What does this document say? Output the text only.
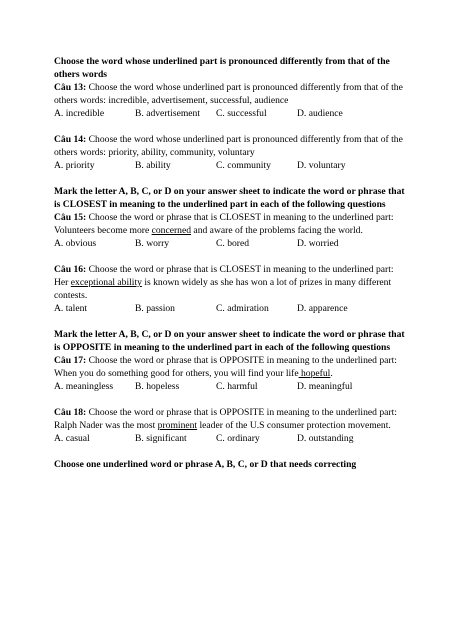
Choose the word whose underlined part is pronounced differently from that of the others words

Câu 13: Choose the word whose underlined part is pronounced differently from that of the others words: incredible, advertisement, successful, audience

A. incredible	B. advertisement	C. successful	D. audience

Câu 14: Choose the word whose underlined part is pronounced differently from that of the others words: priority, ability, community, voluntary

A. priority	B. ability	C. community	D. voluntary

Mark the letter A, B, C, or D on your answer sheet to indicate the word or phrase that is CLOSEST in meaning to the underlined part in each of the following questions

Câu 15: Choose the word or phrase that is CLOSEST in meaning to the underlined part:

Volunteers become more concerned and aware of the problems facing the world.

A. obvious	B. worry	C. bored	D. worried

Câu 16: Choose the word or phrase that is CLOSEST in meaning to the underlined part:

Her exceptional ability is known widely as she has won a lot of prizes in many different contests.

A. talent	B. passion	C. admiration	D. apparence

Mark the letter A, B, C, or D on your answer sheet to indicate the word or phrase that is OPPOSITE in meaning to the underlined part in each of the following questions

Câu 17: Choose the word or phrase that is OPPOSITE in meaning to the underlined part:

When you do something good for others, you will find your life hopeful.

A. meaningless	B. hopeless	C. harmful	D. meaningful

Câu 18: Choose the word or phrase that is OPPOSITE in meaning to the underlined part:

Ralph Nader was the most prominent leader of the U.S consumer protection movement.

A. casual	B. significant	C. ordinary	D. outstanding

Choose one underlined word or phrase A, B, C, or D that needs correcting
